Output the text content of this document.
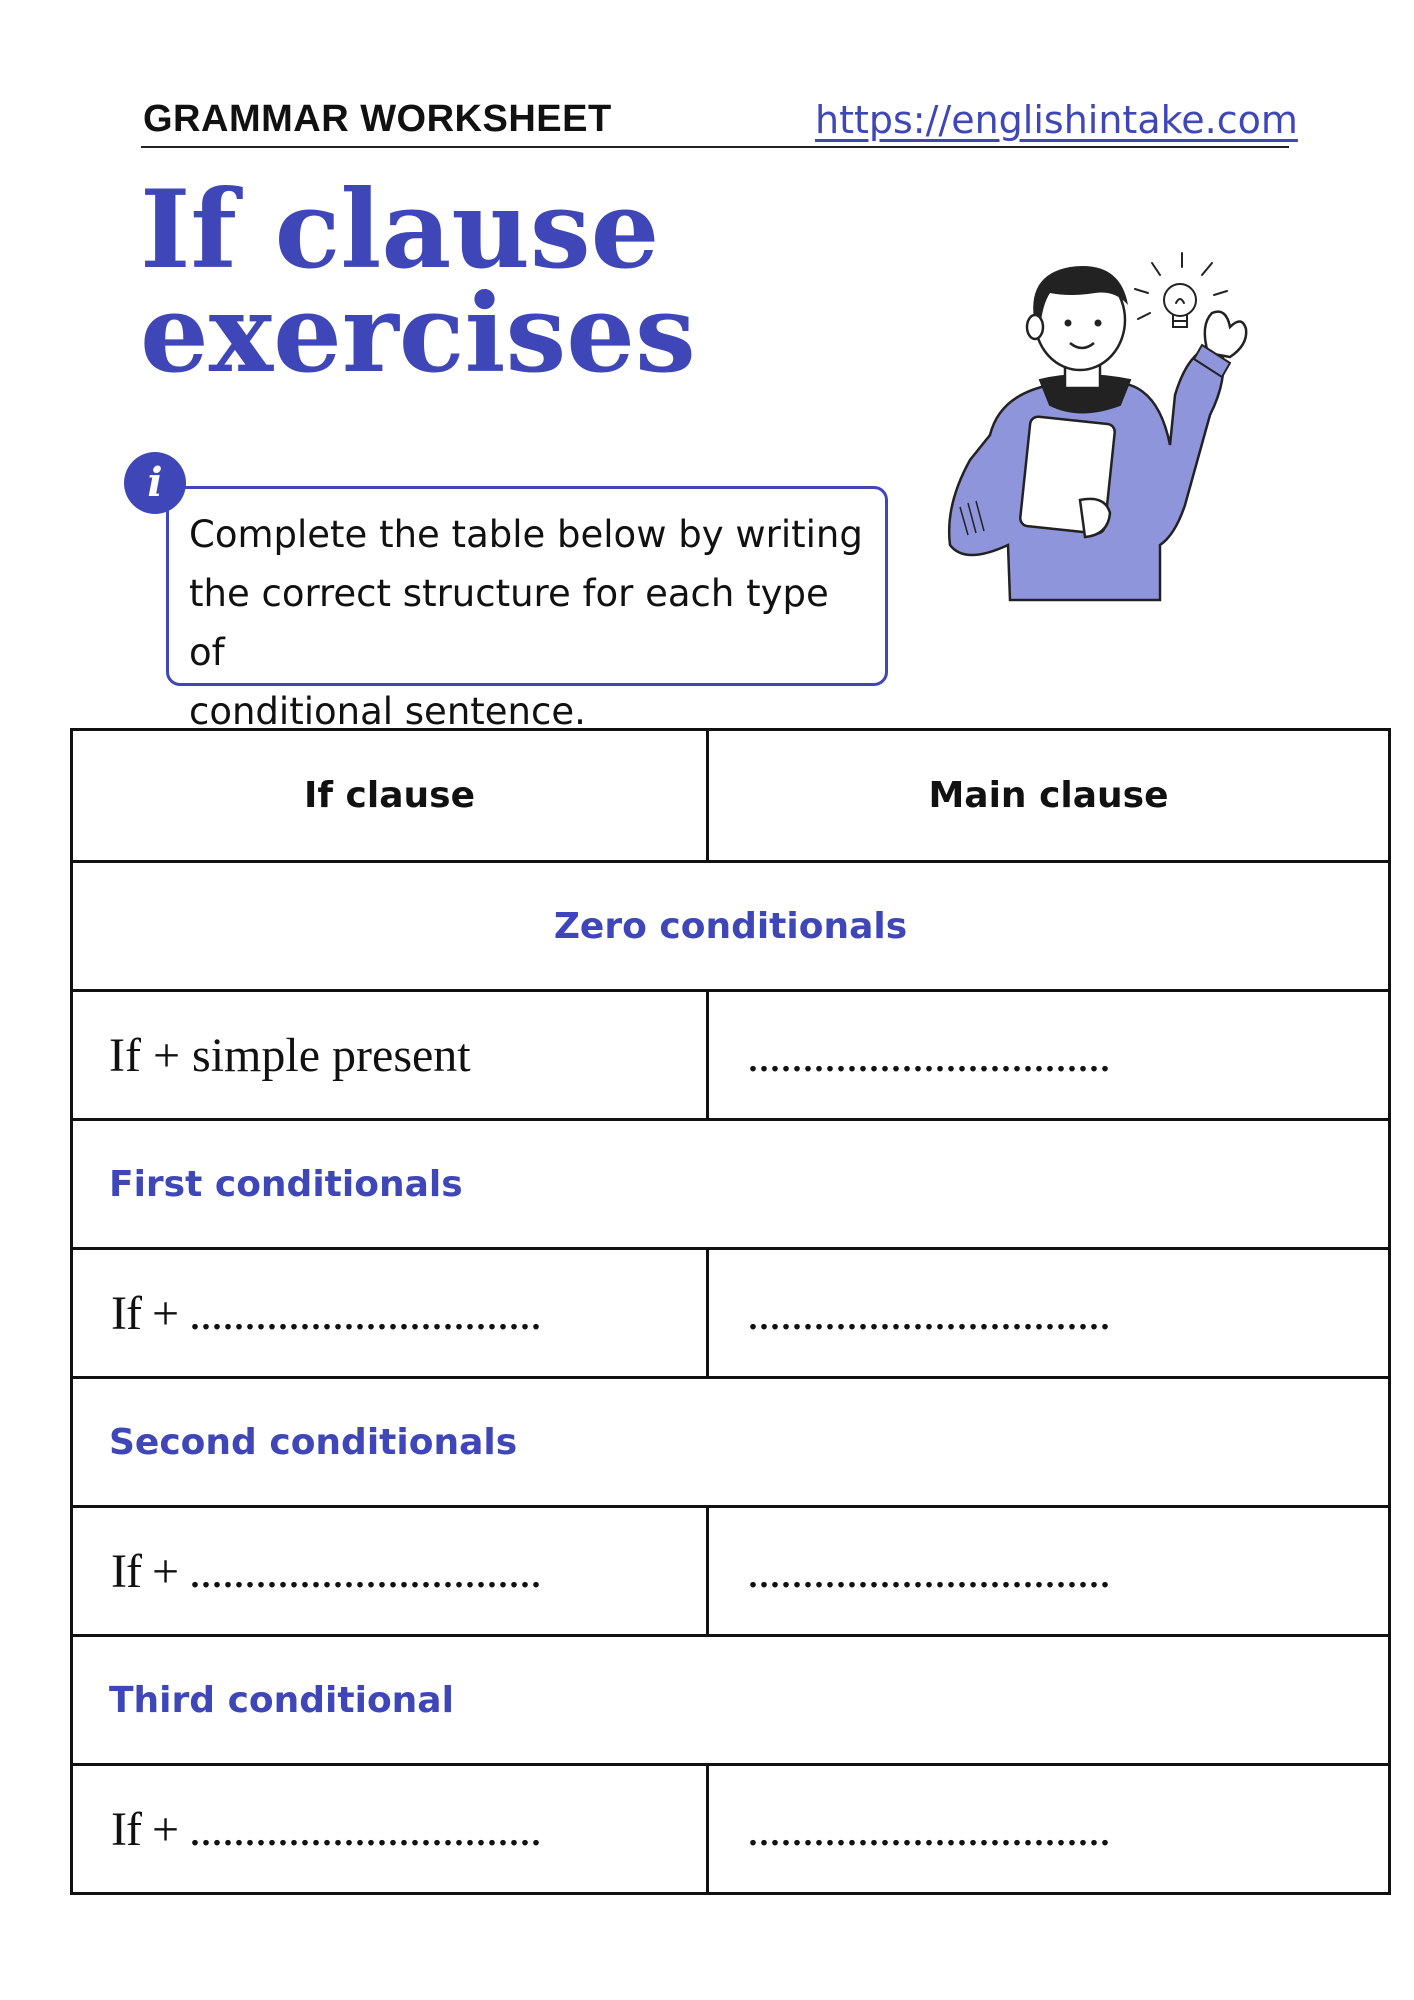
GRAMMAR WORKSHEET	https://englishintake.com
If clause
exercises
Complete the table below by writing
the correct structure for each type of
conditional sentence.
i
If clause	Main clause
Zero conditionals	
If + simple present	.................................
First conditionals	
If + ................................	.................................
Second conditionals	
If + ................................	.................................
Third conditional	
If + ................................	.................................
